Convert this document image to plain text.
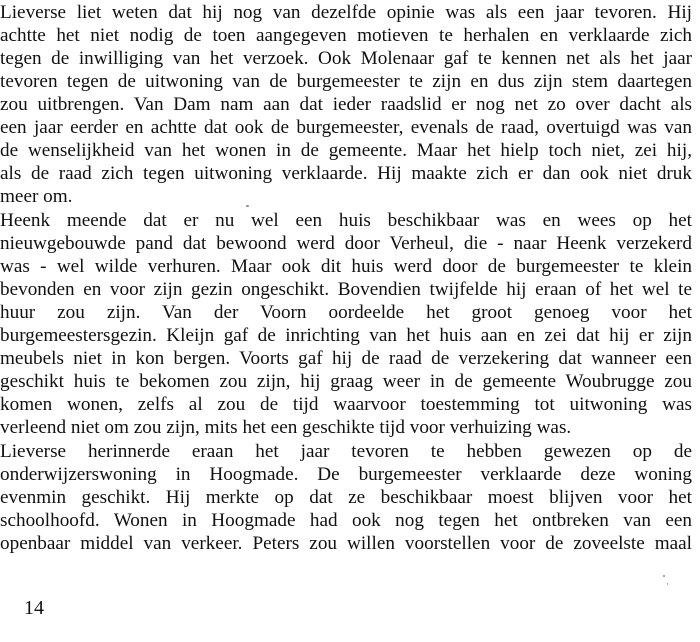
Lieverse liet weten dat hij nog van dezelfde opinie was als een jaar tevoren. Hij
achtte het niet nodig de toen aangegeven motieven te herhalen en verklaarde zich
tegen de inwilliging van het verzoek. Ook Molenaar gaf te kennen net als het jaar
tevoren tegen de uitwoning van de burgemeester te zijn en dus zijn stem daartegen
zou uitbrengen. Van Dam nam aan dat ieder raadslid er nog net zo over dacht als
een jaar eerder en achtte dat ook de burgemeester, evenals de raad, overtuigd was van
de wenselijkheid van het wonen in de gemeente. Maar het hielp toch niet, zei hij,
als de raad zich tegen uitwoning verklaarde. Hij maakte zich er dan ook niet druk
meer om.
Heenk meende dat er nu wel een huis beschikbaar was en wees op het
nieuwgebouwde pand dat bewoond werd door Verheul, die - naar Heenk verzekerd
was - wel wilde verhuren. Maar ook dit huis werd door de burgemeester te klein
bevonden en voor zijn gezin ongeschikt. Bovendien twijfelde hij eraan of het wel te
huur zou zijn. Van der Voorn oordeelde het groot genoeg voor het
burgemeestersgezin. Kleijn gaf de inrichting van het huis aan en zei dat hij er zijn
meubels niet in kon bergen. Voorts gaf hij de raad de verzekering dat wanneer een
geschikt huis te bekomen zou zijn, hij graag weer in de gemeente Woubrugge zou
komen wonen, zelfs al zou de tijd waarvoor toestemming tot uitwoning was
verleend niet om zou zijn, mits het een geschikte tijd voor verhuizing was.
Lieverse herinnerde eraan het jaar tevoren te hebben gewezen op de
onderwijzerswoning in Hoogmade. De burgemeester verklaarde deze woning
evenmin geschikt. Hij merkte op dat ze beschikbaar moest blijven voor het
schoolhoofd. Wonen in Hoogmade had ook nog tegen het ontbreken van een
openbaar middel van verkeer. Peters zou willen voorstellen voor de zoveelste maal
14
